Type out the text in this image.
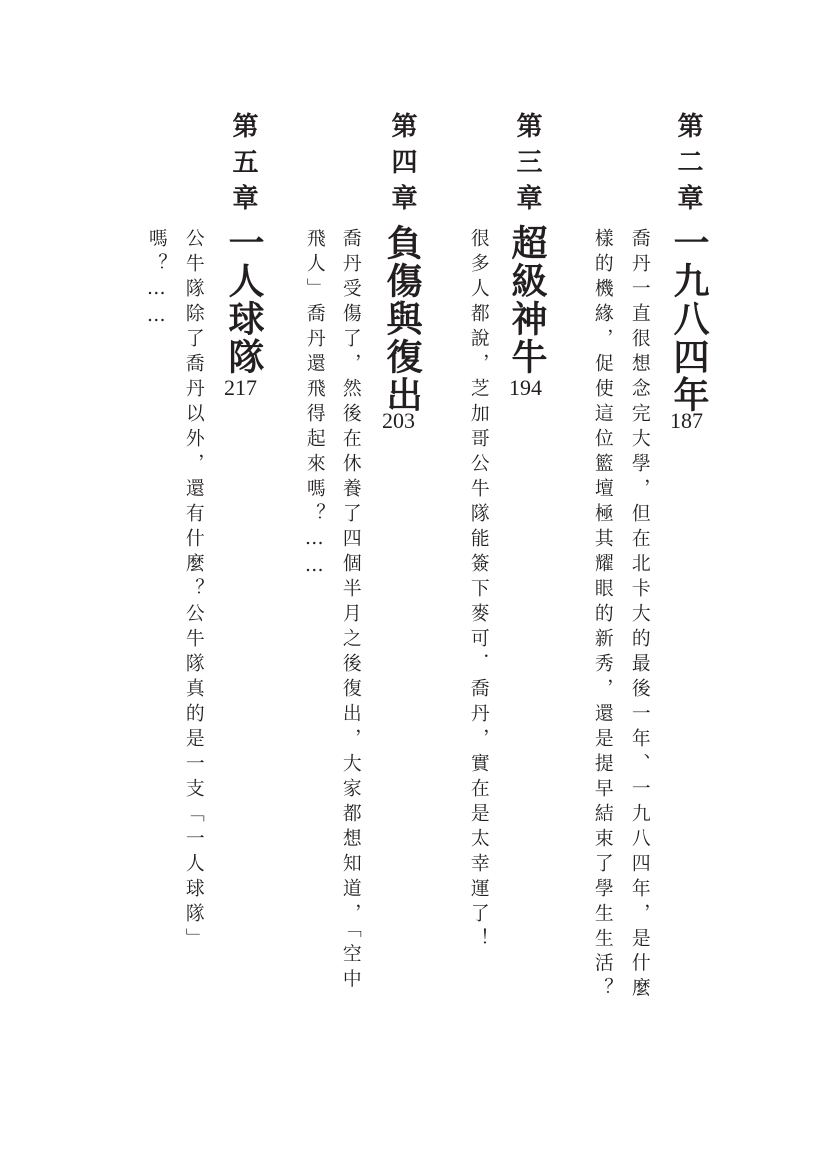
第二章
一九八四年
187
喬丹一直很想念完大學，但在北卡大的最後一年、一九八四年，是什麼
樣的機緣，促使這位籃壇極其耀眼的新秀，還是提早結束了學生生活？
第三章
超級神牛
194
很多人都說，芝加哥公牛隊能簽下麥可．喬丹，實在是太幸運了！
第四章
負傷與復出
203
喬丹受傷了，然後在休養了四個半月之後復出，大家都想知道，「空中
飛人」喬丹還飛得起來嗎？……
第五章
一人球隊
217
公牛隊除了喬丹以外，還有什麼？公牛隊真的是一支「一人球隊」
嗎？……
